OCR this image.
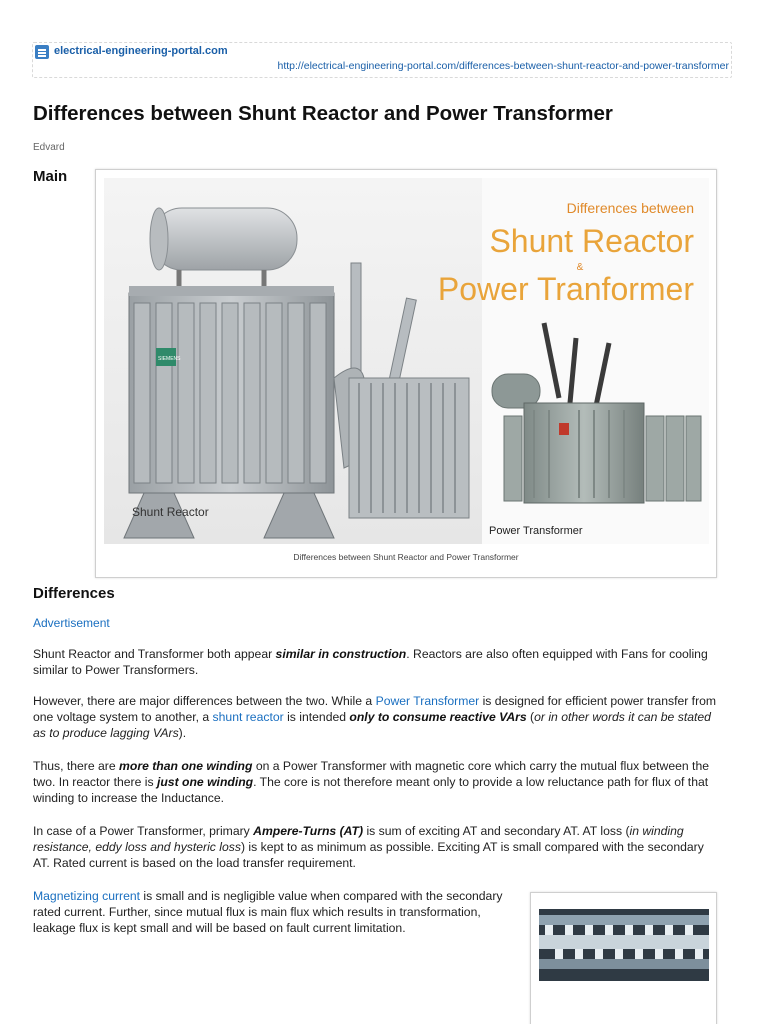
electrical-engineering-portal.com
http://electrical-engineering-portal.com/differences-between-shunt-reactor-and-power-transformer
Differences between Shunt Reactor and Power Transformer
Edvard
Main
SIEMENS
Shunt Reactor
Differences between
Shunt Reactor
&
Power Tranformer
Power Transformer
Differences between Shunt Reactor and Power Transformer
Differences
Advertisement

Shunt Reactor and Transformer both appear similar in construction. Reactors are also often equipped with Fans for cooling similar to Power Transformers.

However, there are major differences between the two. While a Power Transformer is designed for efficient power transfer from one voltage system to another, a shunt reactor is intended only to consume reactive VArs (or in other words it can be stated as to produce lagging VArs).

Thus, there are more than one winding on a Power Transformer with magnetic core which carry the mutual flux between the two. In reactor there is just one winding. The core is not therefore meant only to provide a low reluctance path for flux of that winding to increase the Inductance.

In case of a Power Transformer, primary Ampere-Turns (AT) is sum of exciting AT and secondary AT. AT loss (in winding resistance, eddy loss and hysteric loss) is kept to as minimum as possible. Exciting AT is small compared with the secondary AT. Rated current is based on the load transfer requirement.

Magnetizing current is small and is negligible value when compared with the secondary rated current. Further, since mutual flux is main flux which results in transformation, leakage flux is kept small and will be based on fault current limitation.
